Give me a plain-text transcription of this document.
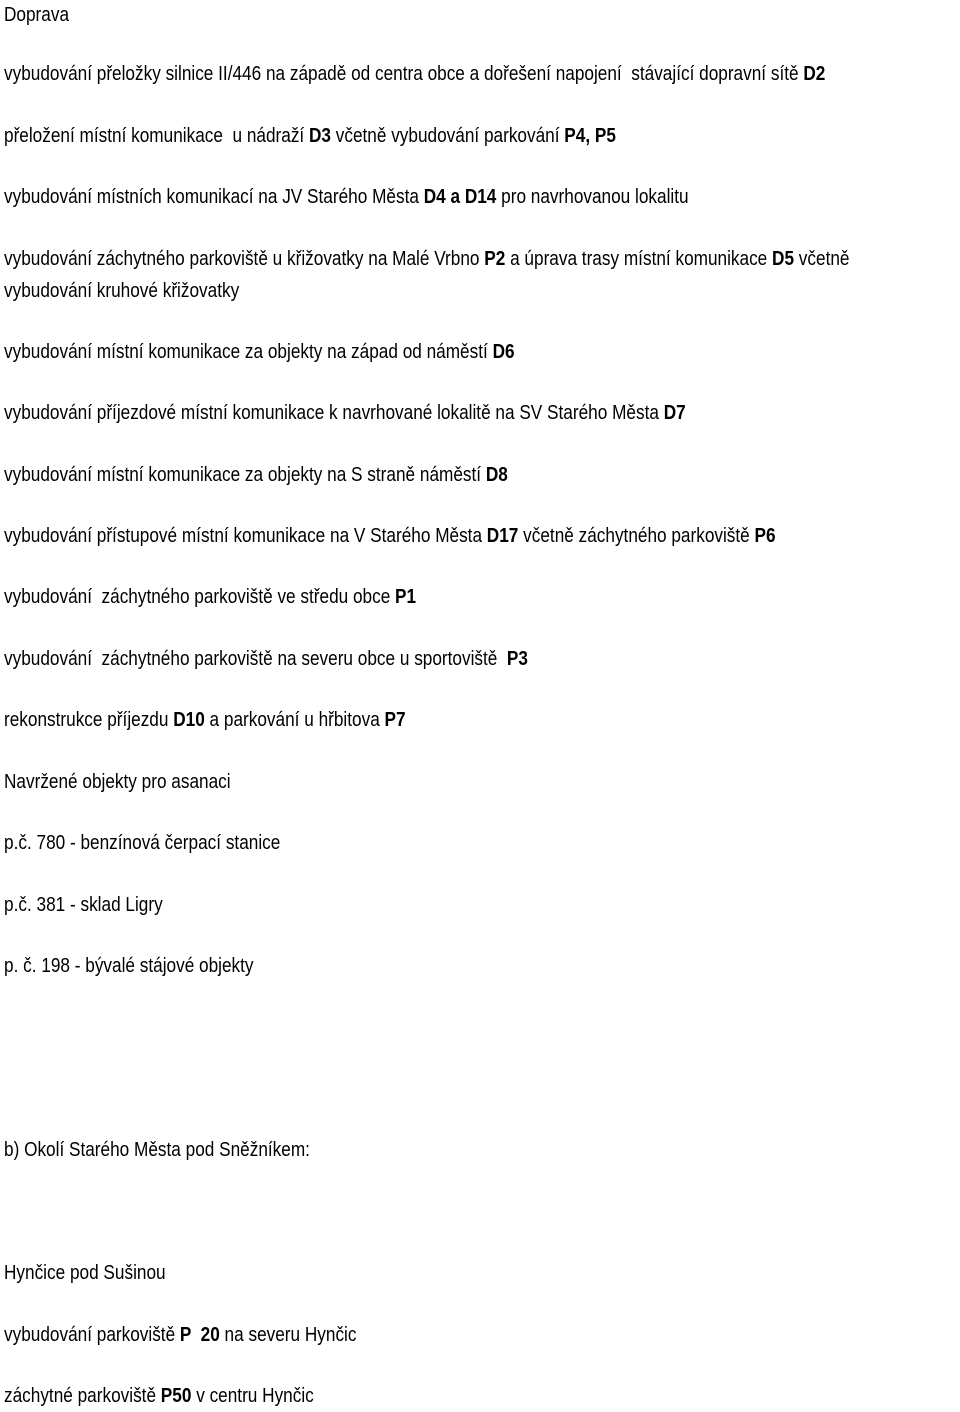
Doprava
vybudování přeložky silnice II/446 na západě od centra obce a dořešení napojení  stávající dopravní sítě D2
přeložení místní komunikace  u nádraží D3 včetně vybudování parkování P4, P5
vybudování místních komunikací na JV Starého Města D4 a D14 pro navrhovanou lokalitu
vybudování záchytného parkoviště u křižovatky na Malé Vrbno P2 a úprava trasy místní komunikace D5 včetně
vybudování kruhové křižovatky
vybudování místní komunikace za objekty na západ od náměstí D6
vybudování příjezdové místní komunikace k navrhované lokalitě na SV Starého Města D7
vybudování místní komunikace za objekty na S straně náměstí D8
vybudování přístupové místní komunikace na V Starého Města D17 včetně záchytného parkoviště P6
vybudování  záchytného parkoviště ve středu obce P1
vybudování  záchytného parkoviště na severu obce u sportoviště  P3
rekonstrukce příjezdu D10 a parkování u hřbitova P7
Navržené objekty pro asanaci
p.č. 780 - benzínová čerpací stanice
p.č. 381 - sklad Ligry
p. č. 198 - bývalé stájové objekty
b) Okolí Starého Města pod Sněžníkem:
Hynčice pod Sušinou
vybudování parkoviště P  20 na severu Hynčic
záchytné parkoviště P50 v centru Hynčic
